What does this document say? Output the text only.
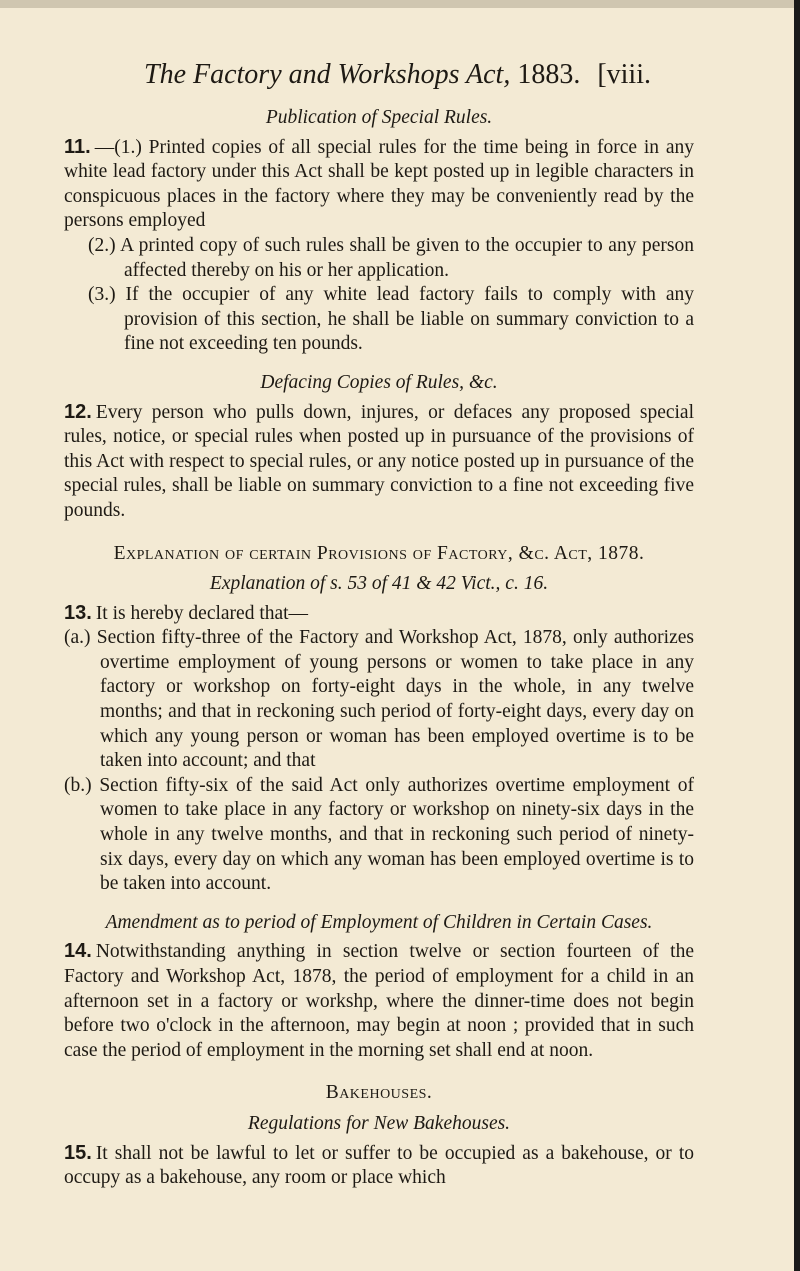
The Factory and Workshops Act, 1883. [viii.
Publication of Special Rules.

11. —(1.) Printed copies of all special rules for the time being in force in any white lead factory under this Act shall be kept posted up in legible characters in conspicuous places in the factory where they may be conveniently read by the persons employed

(2.) A printed copy of such rules shall be given to the occupier to any person affected thereby on his or her application.

(3.) If the occupier of any white lead factory fails to comply with any provision of this section, he shall be liable on summary conviction to a fine not exceeding ten pounds.

Defacing Copies of Rules, &c.

12. Every person who pulls down, injures, or defaces any proposed special rules, notice, or special rules when posted up in pursuance of the provisions of this Act with respect to special rules, or any notice posted up in pursuance of the special rules, shall be liable on summary conviction to a fine not exceeding five pounds.

Explanation of certain Provisions of Factory, &c. Act, 1878.
Explanation of s. 53 of 41 & 42 Vict., c. 16.

13. It is hereby declared that—

(a.) Section fifty-three of the Factory and Workshop Act, 1878, only authorizes overtime employment of young persons or women to take place in any factory or workshop on forty-eight days in the whole, in any twelve months; and that in reckoning such period of forty-eight days, every day on which any young person or woman has been employed overtime is to be taken into account; and that

(b.) Section fifty-six of the said Act only authorizes overtime employment of women to take place in any factory or workshop on ninety-six days in the whole in any twelve months, and that in reckoning such period of ninety-six days, every day on which any woman has been employed overtime is to be taken into account.

Amendment as to period of Employment of Children in Certain Cases.

14. Notwithstanding anything in section twelve or section fourteen of the Factory and Workshop Act, 1878, the period of employment for a child in an afternoon set in a factory or workshp, where the dinner-time does not begin before two o'clock in the afternoon, may begin at noon ; provided that in such case the period of employment in the morning set shall end at noon.

Bakehouses.
Regulations for New Bakehouses.

15. It shall not be lawful to let or suffer to be occupied as a bakehouse, or to occupy as a bakehouse, any room or place which
